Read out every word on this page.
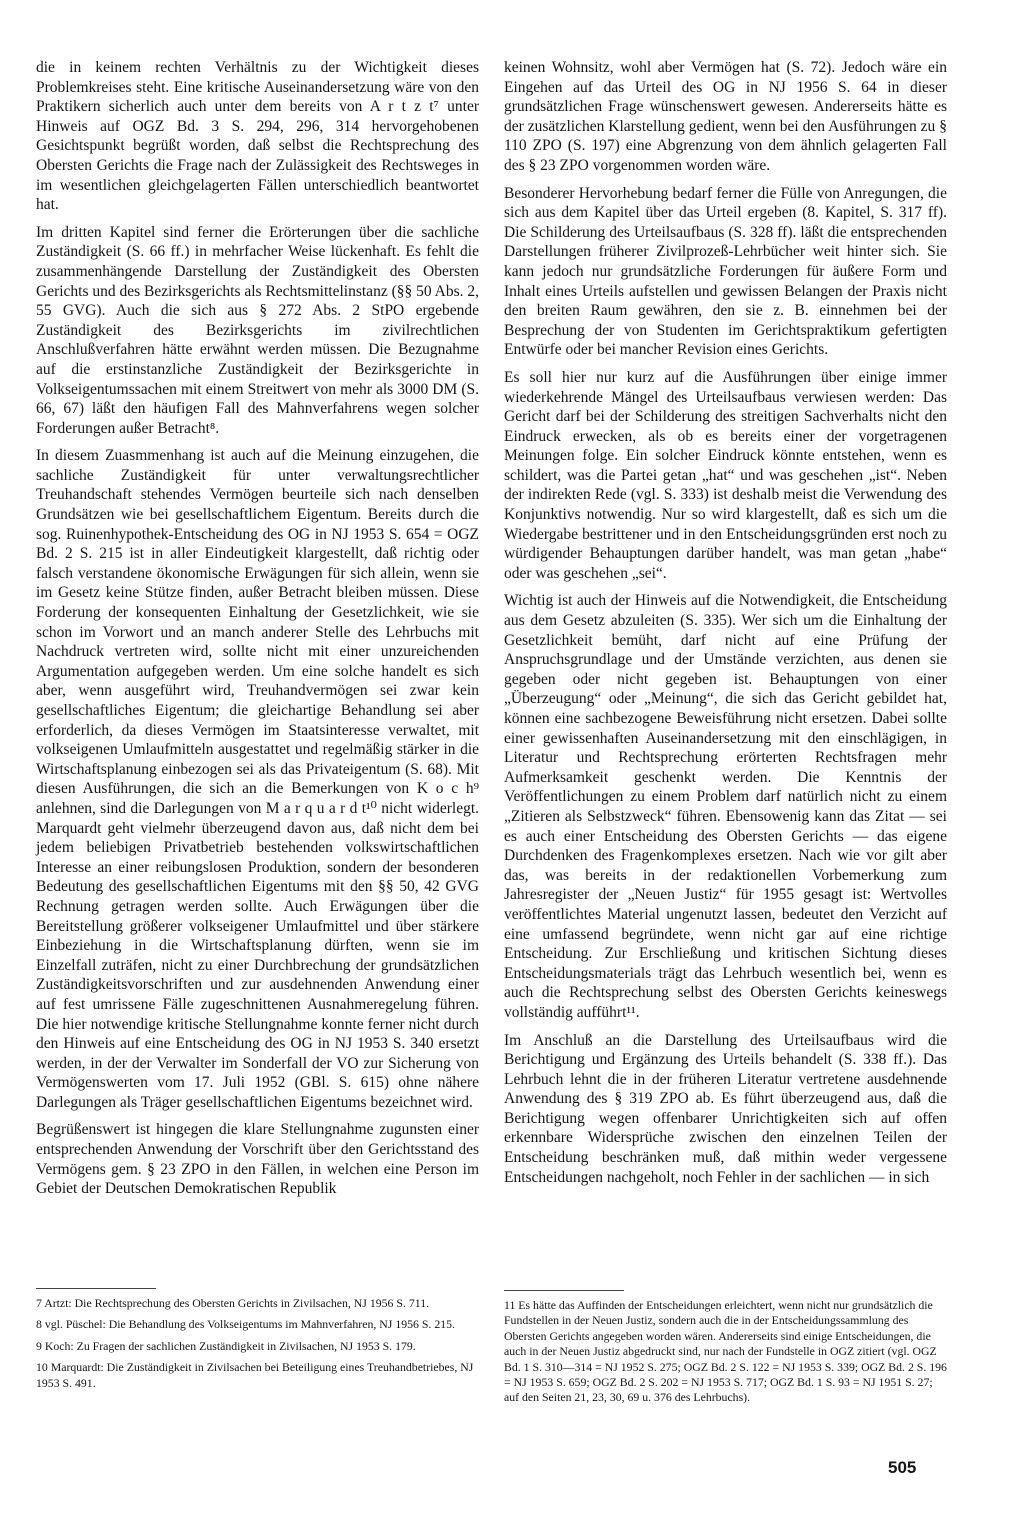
die in keinem rechten Verhältnis zu der Wichtigkeit dieses Problemkreises steht. Eine kritische Auseinandersetzung wäre von den Praktikern sicherlich auch unter dem bereits von A r t z t⁷ unter Hinweis auf OGZ Bd. 3 S. 294, 296, 314 hervorgehobenen Gesichtspunkt begrüßt worden, daß selbst die Rechtsprechung des Obersten Gerichts die Frage nach der Zulässigkeit des Rechtsweges in im wesentlichen gleichgelagerten Fällen unterschiedlich beantwortet hat.

Im dritten Kapitel sind ferner die Erörterungen über die sachliche Zuständigkeit (S. 66 ff.) in mehrfacher Weise lückenhaft. Es fehlt die zusammenhängende Darstellung der Zuständigkeit des Obersten Gerichts und des Bezirksgerichts als Rechtsmittelinstanz (§§ 50 Abs. 2, 55 GVG). Auch die sich aus § 272 Abs. 2 StPO ergebende Zuständigkeit des Bezirksgerichts im zivilrechtlichen Anschlußverfahren hätte erwähnt werden müssen. Die Bezugnahme auf die erstinstanzliche Zuständigkeit der Bezirksgerichte in Volkseigentumssachen mit einem Streitwert von mehr als 3000 DM (S. 66, 67) läßt den häufigen Fall des Mahnverfahrens wegen solcher Forderungen außer Betracht⁸.

In diesem Zuasmmenhang ist auch auf die Meinung einzugehen, die sachliche Zuständigkeit für unter verwaltungsrechtlicher Treuhandschaft stehendes Vermögen beurteile sich nach denselben Grundsätzen wie bei gesellschaftlichem Eigentum. Bereits durch die sog. Ruinenhypothek-Entscheidung des OG in NJ 1953 S. 654 = OGZ Bd. 2 S. 215 ist in aller Eindeutigkeit klargestellt, daß richtig oder falsch verstandene ökonomische Erwägungen für sich allein, wenn sie im Gesetz keine Stütze finden, außer Betracht bleiben müssen. Diese Forderung der konsequenten Einhaltung der Gesetzlichkeit, wie sie schon im Vorwort und an manch anderer Stelle des Lehrbuchs mit Nachdruck vertreten wird, sollte nicht mit einer unzureichenden Argumentation aufgegeben werden. Um eine solche handelt es sich aber, wenn ausgeführt wird, Treuhandvermögen sei zwar kein gesellschaftliches Eigentum; die gleichartige Behandlung sei aber erforderlich, da dieses Vermögen im Staatsinteresse verwaltet, mit volkseigenen Umlaufmitteln ausgestattet und regelmäßig stärker in die Wirtschaftsplanung einbezogen sei als das Privateigentum (S. 68). Mit diesen Ausführungen, die sich an die Bemerkungen von K o c h⁹ anlehnen, sind die Darlegungen von M a r q u a r d t¹⁰ nicht widerlegt. Marquardt geht vielmehr überzeugend davon aus, daß nicht dem bei jedem beliebigen Privatbetrieb bestehenden volkswirtschaftlichen Interesse an einer reibungslosen Produktion, sondern der besonderen Bedeutung des gesellschaftlichen Eigentums mit den §§ 50, 42 GVG Rechnung getragen werden sollte. Auch Erwägungen über die Bereitstellung größerer volkseigener Umlaufmittel und über stärkere Einbeziehung in die Wirtschaftsplanung dürften, wenn sie im Einzelfall zuträfen, nicht zu einer Durchbrechung der grundsätzlichen Zuständigkeitsvorschriften und zur ausdehnenden Anwendung einer auf fest umrissene Fälle zugeschnittenen Ausnahmeregelung führen. Die hier notwendige kritische Stellungnahme konnte ferner nicht durch den Hinweis auf eine Entscheidung des OG in NJ 1953 S. 340 ersetzt werden, in der der Verwalter im Sonderfall der VO zur Sicherung von Vermögenswerten vom 17. Juli 1952 (GBl. S. 615) ohne nähere Darlegungen als Träger gesellschaftlichen Eigentums bezeichnet wird.

Begrüßenswert ist hingegen die klare Stellungnahme zugunsten einer entsprechenden Anwendung der Vorschrift über den Gerichtsstand des Vermögens gem. § 23 ZPO in den Fällen, in welchen eine Person im Gebiet der Deutschen Demokratischen Republik

keinen Wohnsitz, wohl aber Vermögen hat (S. 72). Jedoch wäre ein Eingehen auf das Urteil des OG in NJ 1956 S. 64 in dieser grundsätzlichen Frage wünschenswert gewesen. Andererseits hätte es der zusätzlichen Klarstellung gedient, wenn bei den Ausführungen zu § 110 ZPO (S. 197) eine Abgrenzung von dem ähnlich gelagerten Fall des § 23 ZPO vorgenommen worden wäre.

Besonderer Hervorhebung bedarf ferner die Fülle von Anregungen, die sich aus dem Kapitel über das Urteil ergeben (8. Kapitel, S. 317 ff). Die Schilderung des Urteilsaufbaus (S. 328 ff). läßt die entsprechenden Darstellungen früherer Zivilprozeß-Lehrbücher weit hinter sich. Sie kann jedoch nur grundsätzliche Forderungen für äußere Form und Inhalt eines Urteils aufstellen und gewissen Belangen der Praxis nicht den breiten Raum gewähren, den sie z. B. einnehmen bei der Besprechung der von Studenten im Gerichtspraktikum gefertigten Entwürfe oder bei mancher Revision eines Gerichts.

Es soll hier nur kurz auf die Ausführungen über einige immer wiederkehrende Mängel des Urteilsaufbaus verwiesen werden: Das Gericht darf bei der Schilderung des streitigen Sachverhalts nicht den Eindruck erwecken, als ob es bereits einer der vorgetragenen Meinungen folge. Ein solcher Eindruck könnte entstehen, wenn es schildert, was die Partei getan „hat“ und was geschehen „ist“. Neben der indirekten Rede (vgl. S. 333) ist deshalb meist die Verwendung des Konjunktivs notwendig. Nur so wird klargestellt, daß es sich um die Wiedergabe bestrittener und in den Entscheidungsgründen erst noch zu würdigender Behauptungen darüber handelt, was man getan „habe“ oder was geschehen „sei“.

Wichtig ist auch der Hinweis auf die Notwendigkeit, die Entscheidung aus dem Gesetz abzuleiten (S. 335). Wer sich um die Einhaltung der Gesetzlichkeit bemüht, darf nicht auf eine Prüfung der Anspruchsgrundlage und der Umstände verzichten, aus denen sie gegeben oder nicht gegeben ist. Behauptungen von einer „Überzeugung“ oder „Meinung“, die sich das Gericht gebildet hat, können eine sachbezogene Beweisführung nicht ersetzen. Dabei sollte einer gewissenhaften Auseinandersetzung mit den einschlägigen, in Literatur und Rechtsprechung erörterten Rechtsfragen mehr Aufmerksamkeit geschenkt werden. Die Kenntnis der Veröffentlichungen zu einem Problem darf natürlich nicht zu einem „Zitieren als Selbstzweck“ führen. Ebensowenig kann das Zitat — sei es auch einer Entscheidung des Obersten Gerichts — das eigene Durchdenken des Fragenkomplexes ersetzen. Nach wie vor gilt aber das, was bereits in der redaktionellen Vorbemerkung zum Jahresregister der „Neuen Justiz“ für 1955 gesagt ist: Wertvolles veröffentlichtes Material ungenutzt lassen, bedeutet den Verzicht auf eine umfassend begründete, wenn nicht gar auf eine richtige Entscheidung. Zur Erschließung und kritischen Sichtung dieses Entscheidungsmaterials trägt das Lehrbuch wesentlich bei, wenn es auch die Rechtsprechung selbst des Obersten Gerichts keineswegs vollständig aufführt¹¹.

Im Anschluß an die Darstellung des Urteilsaufbaus wird die Berichtigung und Ergänzung des Urteils behandelt (S. 338 ff.). Das Lehrbuch lehnt die in der früheren Literatur vertretene ausdehnende Anwendung des § 319 ZPO ab. Es führt überzeugend aus, daß die Berichtigung wegen offenbarer Unrichtigkeiten sich auf offen erkennbare Widersprüche zwischen den einzelnen Teilen der Entscheidung beschränken muß, daß mithin weder vergessene Entscheidungen nachgeholt, noch Fehler in der sachlichen — in sich

7 Artzt: Die Rechtsprechung des Obersten Gerichts in Zivilsachen, NJ 1956 S. 711.

8 vgl. Püschel: Die Behandlung des Volkseigentums im Mahnverfahren, NJ 1956 S. 215.

9 Koch: Zu Fragen der sachlichen Zuständigkeit in Zivilsachen, NJ 1953 S. 179.

10 Marquardt: Die Zuständigkeit in Zivilsachen bei Beteiligung eines Treuhandbetriebes, NJ 1953 S. 491.

11 Es hätte das Auffinden der Entscheidungen erleichtert, wenn nicht nur grundsätzlich die Fundstellen in der Neuen Justiz, sondern auch die in der Entscheidungssammlung des Obersten Gerichts angegeben worden wären. Andererseits sind einige Entscheidungen, die auch in der Neuen Justiz abgedruckt sind, nur nach der Fundstelle in OGZ zitiert (vgl. OGZ Bd. 1 S. 310—314 = NJ 1952 S. 275; OGZ Bd. 2 S. 122 = NJ 1953 S. 339; OGZ Bd. 2 S. 196 = NJ 1953 S. 659; OGZ Bd. 2 S. 202 = NJ 1953 S. 717; OGZ Bd. 1 S. 93 = NJ 1951 S. 27; auf den Seiten 21, 23, 30, 69 u. 376 des Lehrbuchs).

505
